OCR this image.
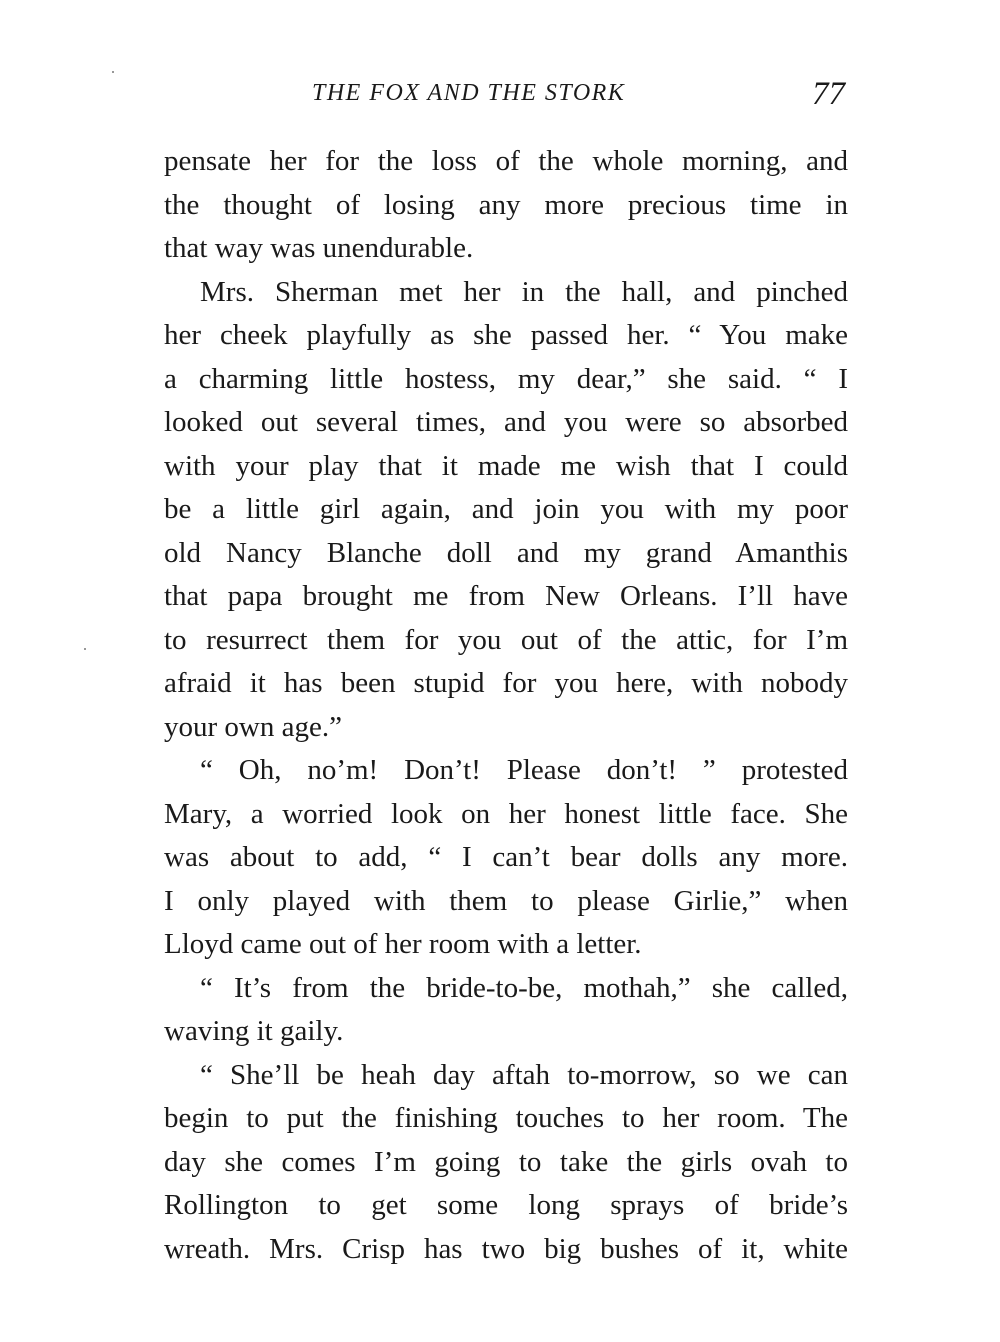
THE FOX AND THE STORK	77
pensate her for the loss of the whole morning, and
the thought of losing any more precious time in
that way was unendurable.
Mrs. Sherman met her in the hall, and pinched
her cheek playfully as she passed her. “ You make
a charming little hostess, my dear,” she said. “ I
looked out several times, and you were so absorbed
with your play that it made me wish that I could
be a little girl again, and join you with my poor
old Nancy Blanche doll and my grand Amanthis
that papa brought me from New Orleans. I’ll have
to resurrect them for you out of the attic, for I’m
afraid it has been stupid for you here, with nobody
your own age.”
“ Oh, no’m! Don’t! Please don’t! ” protested
Mary, a worried look on her honest little face. She
was about to add, “ I can’t bear dolls any more.
I only played with them to please Girlie,” when
Lloyd came out of her room with a letter.
“ It’s from the bride-to-be, mothah,” she called,
waving it gaily.
“ She’ll be heah day aftah to-morrow, so we can
begin to put the finishing touches to her room. The
day she comes I’m going to take the girls ovah to
Rollington to get some long sprays of bride’s
wreath. Mrs. Crisp has two big bushes of it, white
